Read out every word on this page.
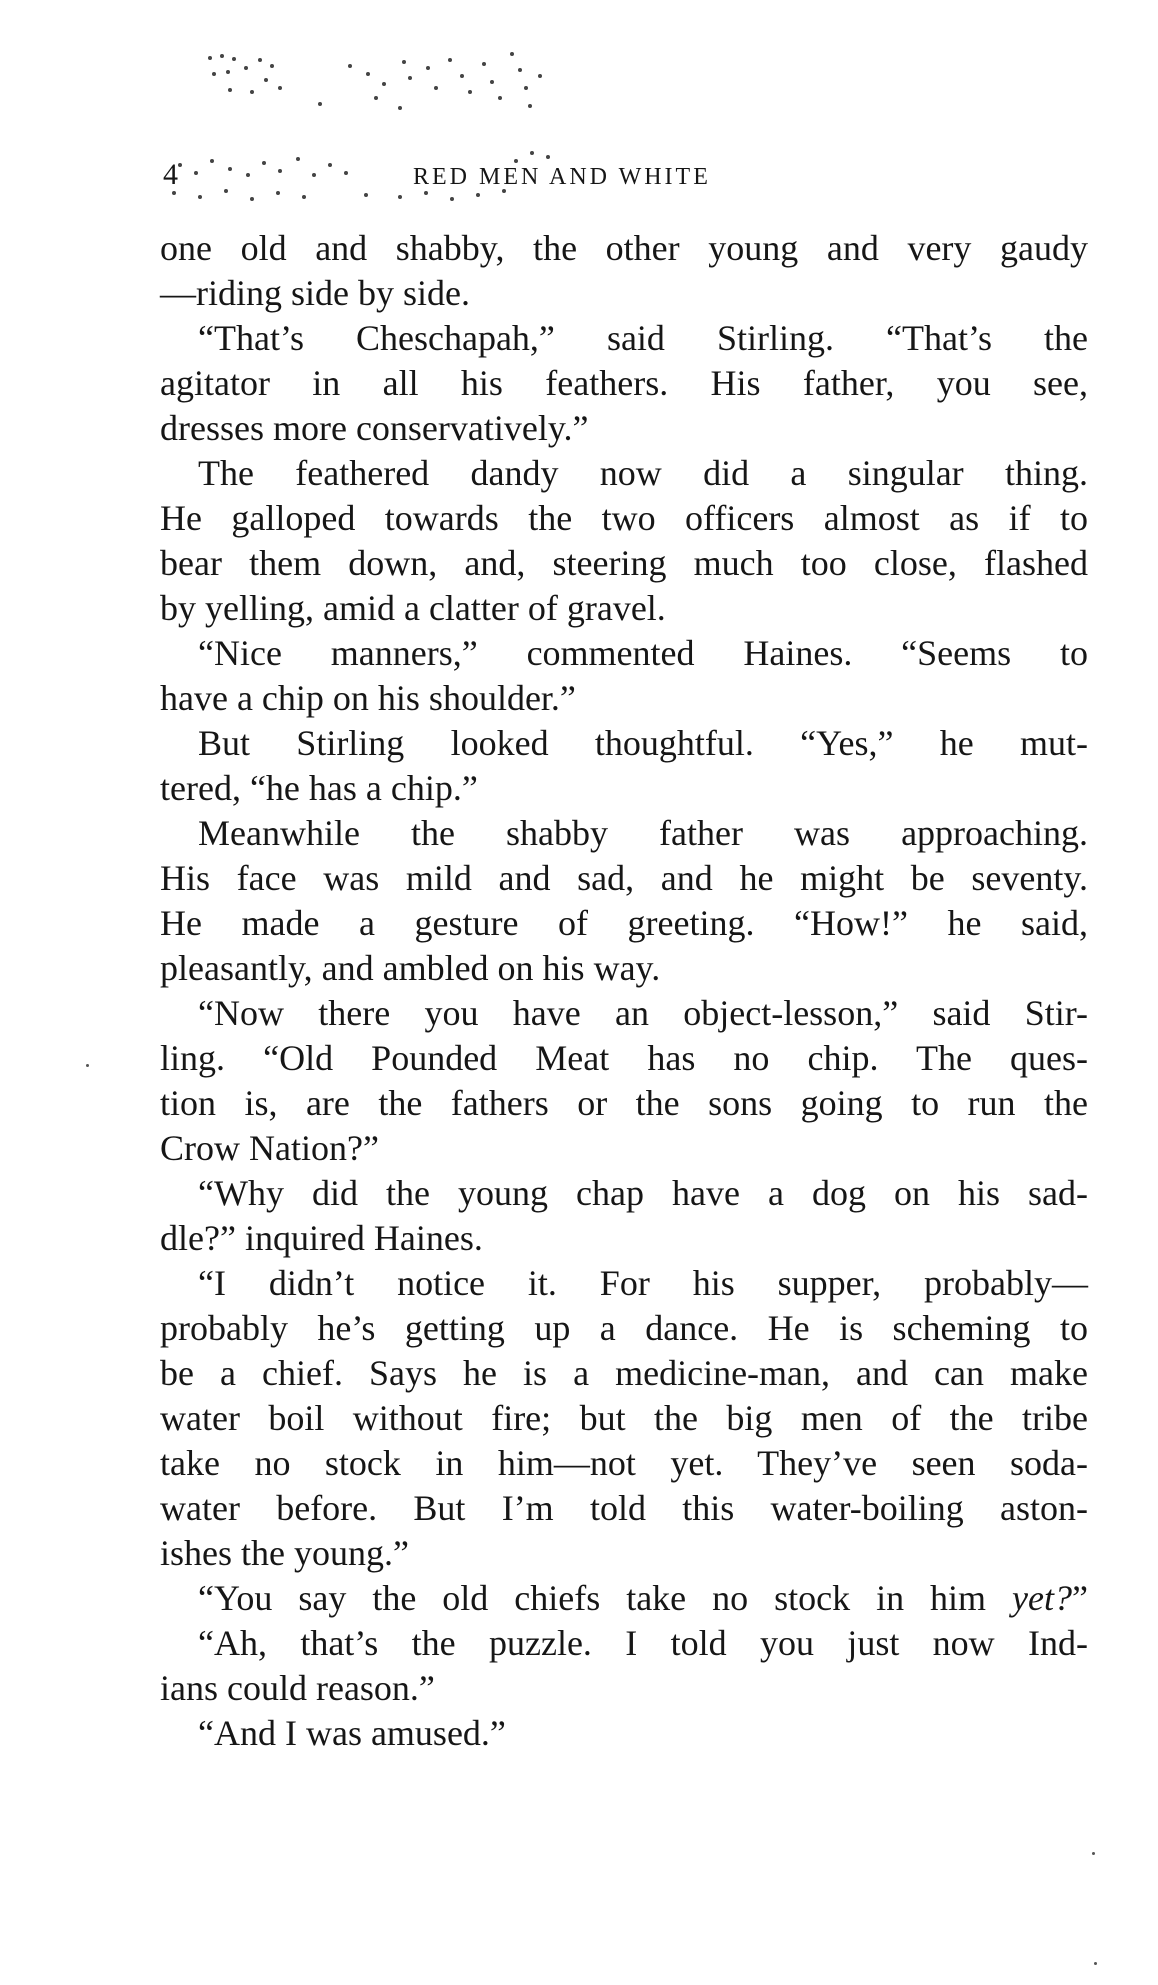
4	RED MEN AND WHITE
one old and shabby, the other young and very gaudy
—riding side by side.
“That’s Cheschapah,” said Stirling. “That’s the
agitator in all his feathers. His father, you see,
dresses more conservatively.”
The feathered dandy now did a singular thing.
He galloped towards the two officers almost as if to
bear them down, and, steering much too close, flashed
by yelling, amid a clatter of gravel.
“Nice manners,” commented Haines. “Seems to
have a chip on his shoulder.”
But Stirling looked thoughtful. “Yes,” he mut-
tered, “he has a chip.”
Meanwhile the shabby father was approaching.
His face was mild and sad, and he might be seventy.
He made a gesture of greeting. “How!” he said,
pleasantly, and ambled on his way.
“Now there you have an object-lesson,” said Stir-
ling. “Old Pounded Meat has no chip. The ques-
tion is, are the fathers or the sons going to run the
Crow Nation?”
“Why did the young chap have a dog on his sad-
dle?” inquired Haines.
“I didn’t notice it. For his supper, probably—
probably he’s getting up a dance. He is scheming to
be a chief. Says he is a medicine-man, and can make
water boil without fire; but the big men of the tribe
take no stock in him—not yet. They’ve seen soda-
water before. But I’m told this water-boiling aston-
ishes the young.”
“You say the old chiefs take no stock in him yet?”
“Ah, that’s the puzzle. I told you just now Ind-
ians could reason.”
“And I was amused.”
